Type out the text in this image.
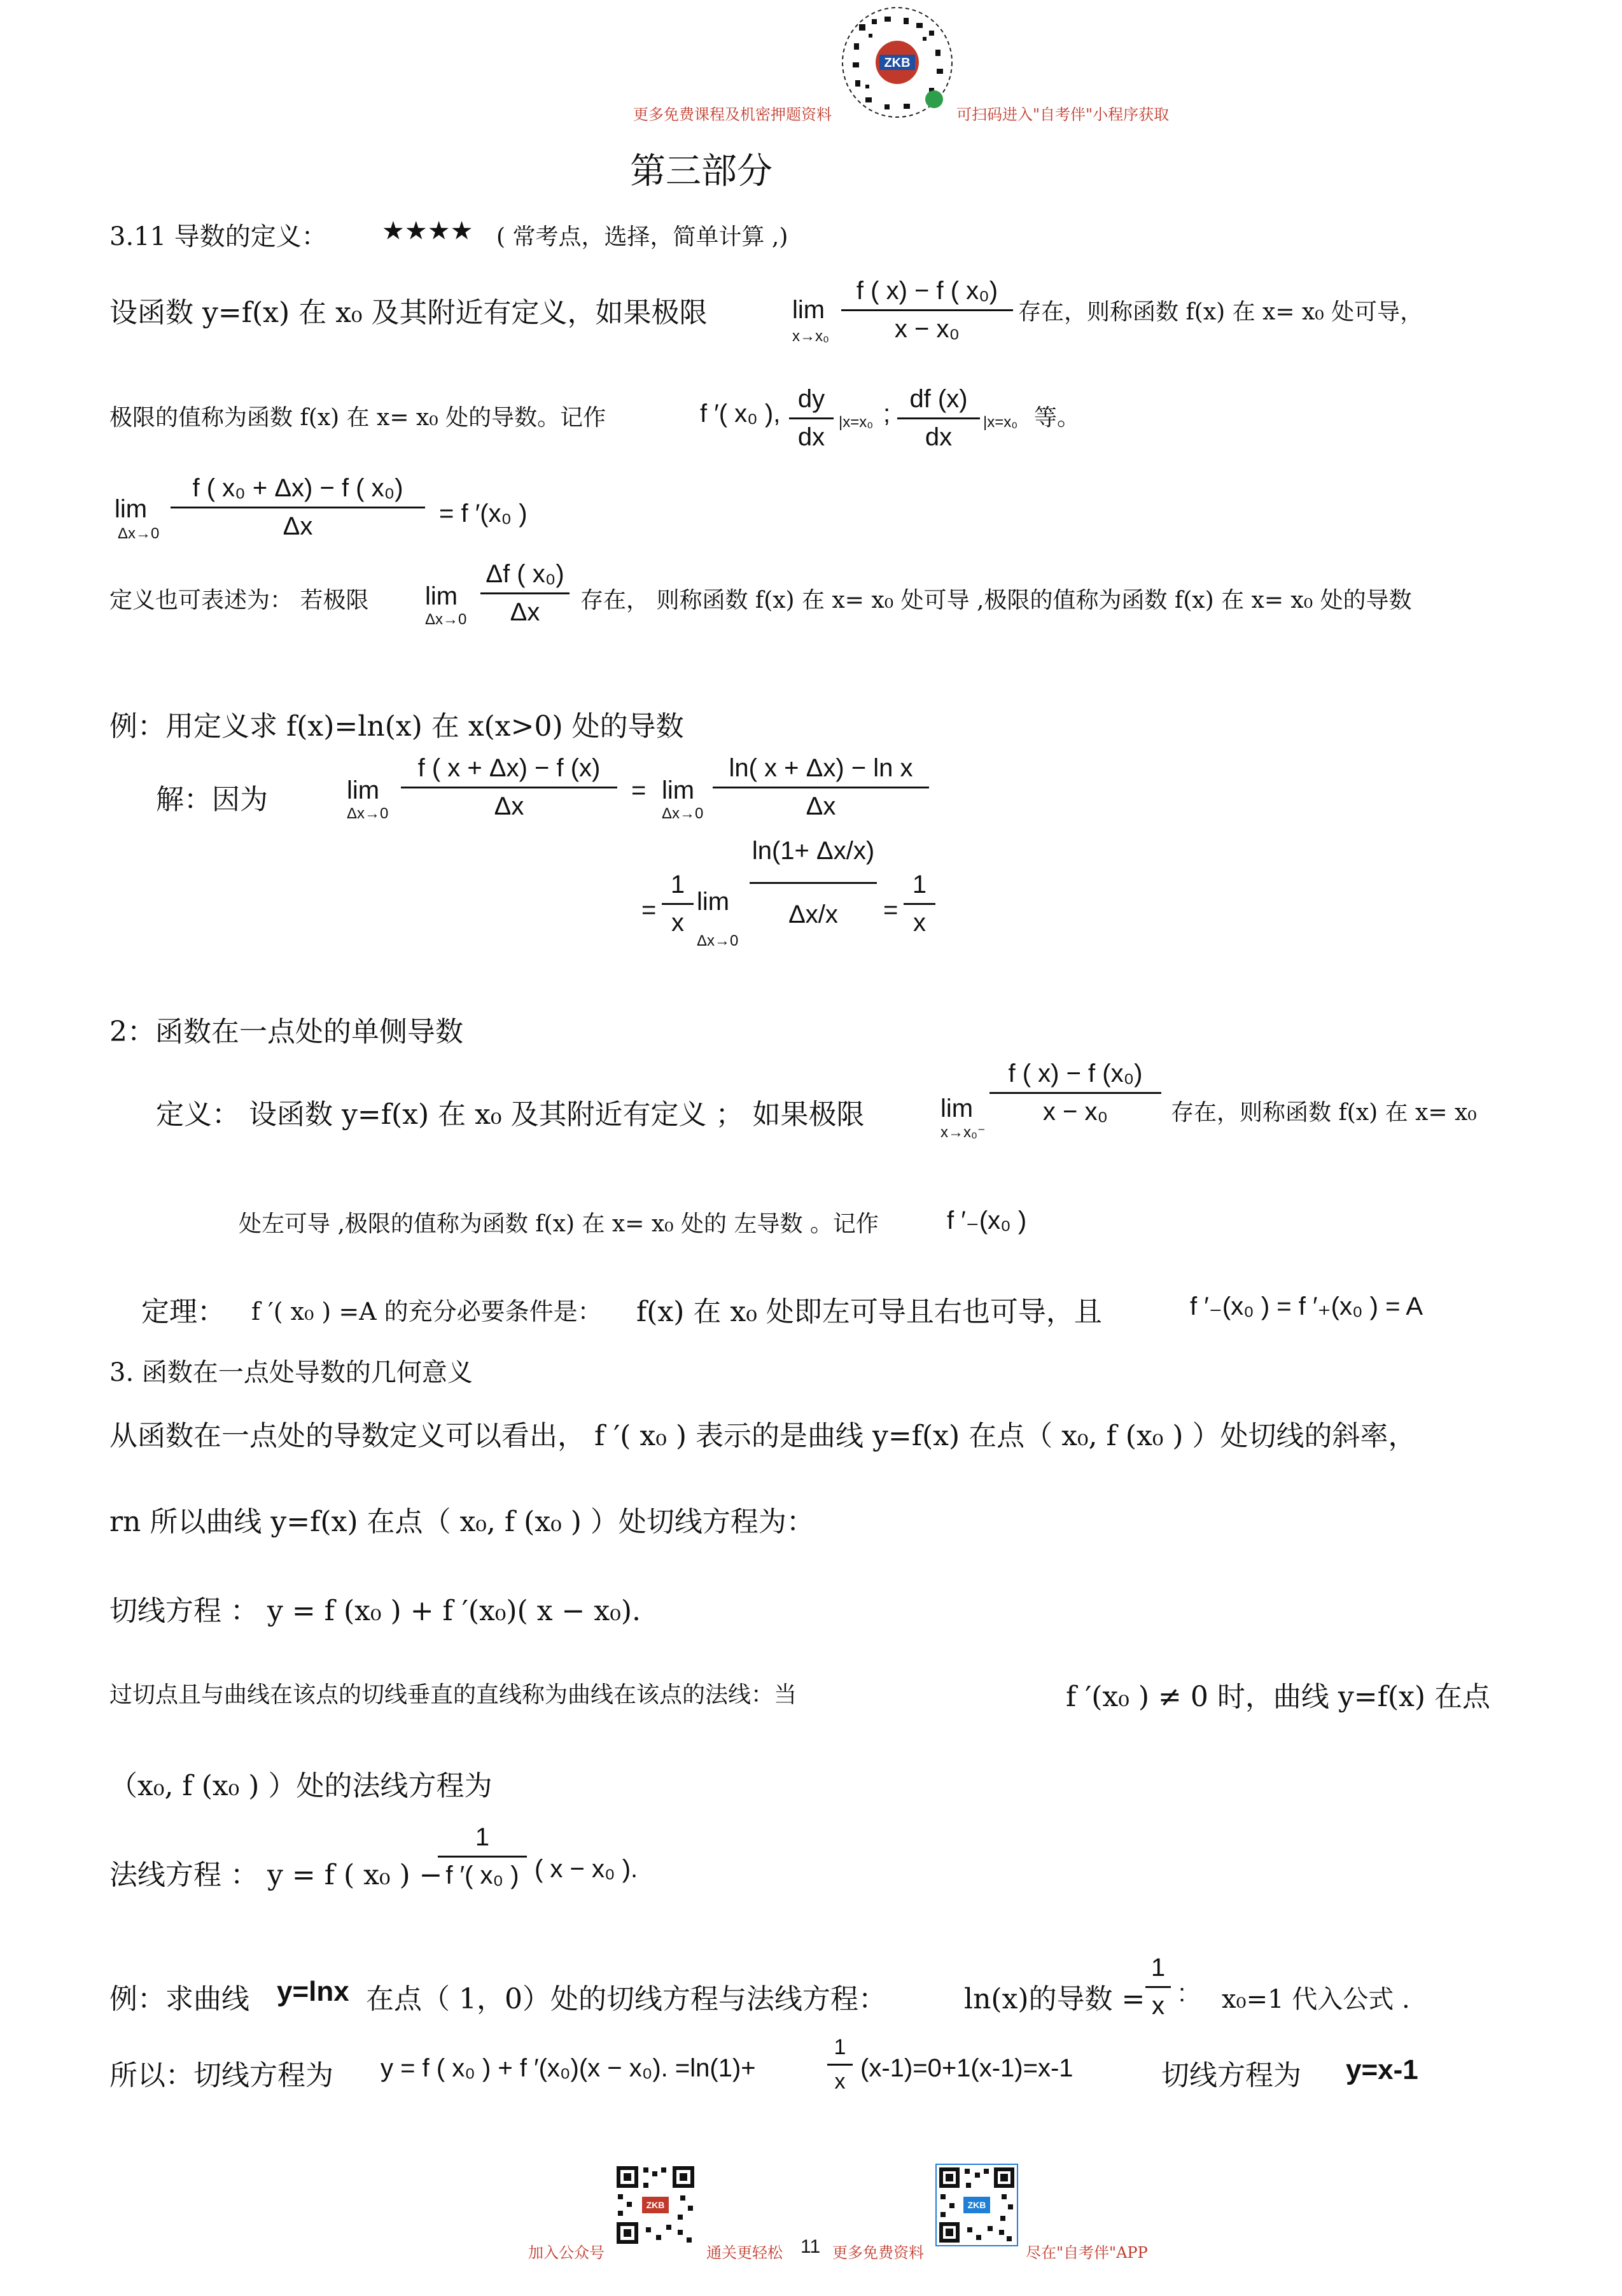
ZKB
更多免费课程及机密押题资料	可扫码进入"自考伴"小程序获取
第三部分
3.11 导数的定义： ★★★★ ( 常考点，选择，简单计算 ,)
设函数 y=f(x) 在 x₀ 及其附近有定义，如果极限	lim
x→x₀
f ( x) − f ( x₀)
x − x₀
存在，则称函数 f(x) 在 x= x₀ 处可导，
极限的值称为函数 f(x) 在 x= x₀ 处的导数。记作	f ′( x₀ ),
dy
dx
|x=x₀ ;
df (x)
dx
|x=x₀ 等。
lim
Δx→0
f ( x₀ + Δx) − f ( x₀)
Δx	= f ′(x₀ )
定义也可表述为： 若极限 lim
Δx→0
Δf ( x₀)
Δx	存在， 则称函数 f(x) 在 x= x₀ 处可导 ,极限的值称为函数 f(x) 在 x= x₀ 处的导数
例：用定义求 f(x)=ln(x) 在 x(x>0) 处的导数
解：因为	lim
Δx→0
f ( x + Δx) − f (x)
Δx
= lim
Δx→0
ln( x + Δx) − ln x
Δx
=
1
x
lim
Δx→0
ln(1+ Δx/x)
Δx/x	=
1
x
2：函数在一点处的单侧导数
定义： 设函数 y=f(x) 在 x₀ 及其附近有定义 ； 如果极限	lim
x→x₀⁻
f ( x) − f (x₀)
x − x₀	存在，则称函数 f(x) 在 x= x₀
处左可导 ,极限的值称为函数 f(x) 在 x= x₀ 处的 左导数 。记作	f ′₋(x₀ )
定理： f ′( x₀ ) =A 的充分必要条件是： f(x) 在 x₀ 处即左可导且右也可导，且	f ′₋(x₀ ) = f ′₊(x₀ ) = A
3. 函数在一点处导数的几何意义
从函数在一点处的导数定义可以看出， f ′( x₀ ) 表示的是曲线 y=f(x) 在点（ x₀, f (x₀ ) ）处切线的斜率，
rn 所以曲线 y=f(x) 在点（ x₀, f (x₀ ) ）处切线方程为：
切线方程 ： y = f (x₀ ) + f ′(x₀)( x − x₀).
过切点且与曲线在该点的切线垂直的直线称为曲线在该点的法线：当	f ′(x₀ ) ≠ 0 时，曲线 y=f(x) 在点
（x₀, f (x₀ ) ）处的法线方程为
法线方程 ： y = f ( x₀ ) −
1
f ′( x₀ ) ( x − x₀ ).
例：求曲线 y=lnx 在点（ 1，0）处的切线方程与法线方程：	ln(x)的导数 =
1
x : x₀=1 代入公式 .
所以：切线方程为 y = f ( x₀ ) + f ′(x₀)(x − x₀). =ln(1)+
1
x (x-1)=0+1(x-1)=x-1	切线方程为 y=x-1
ZKB	ZKB
加入公众号	通关更轻松 11 更多免费资料	尽在"自考伴"APP
